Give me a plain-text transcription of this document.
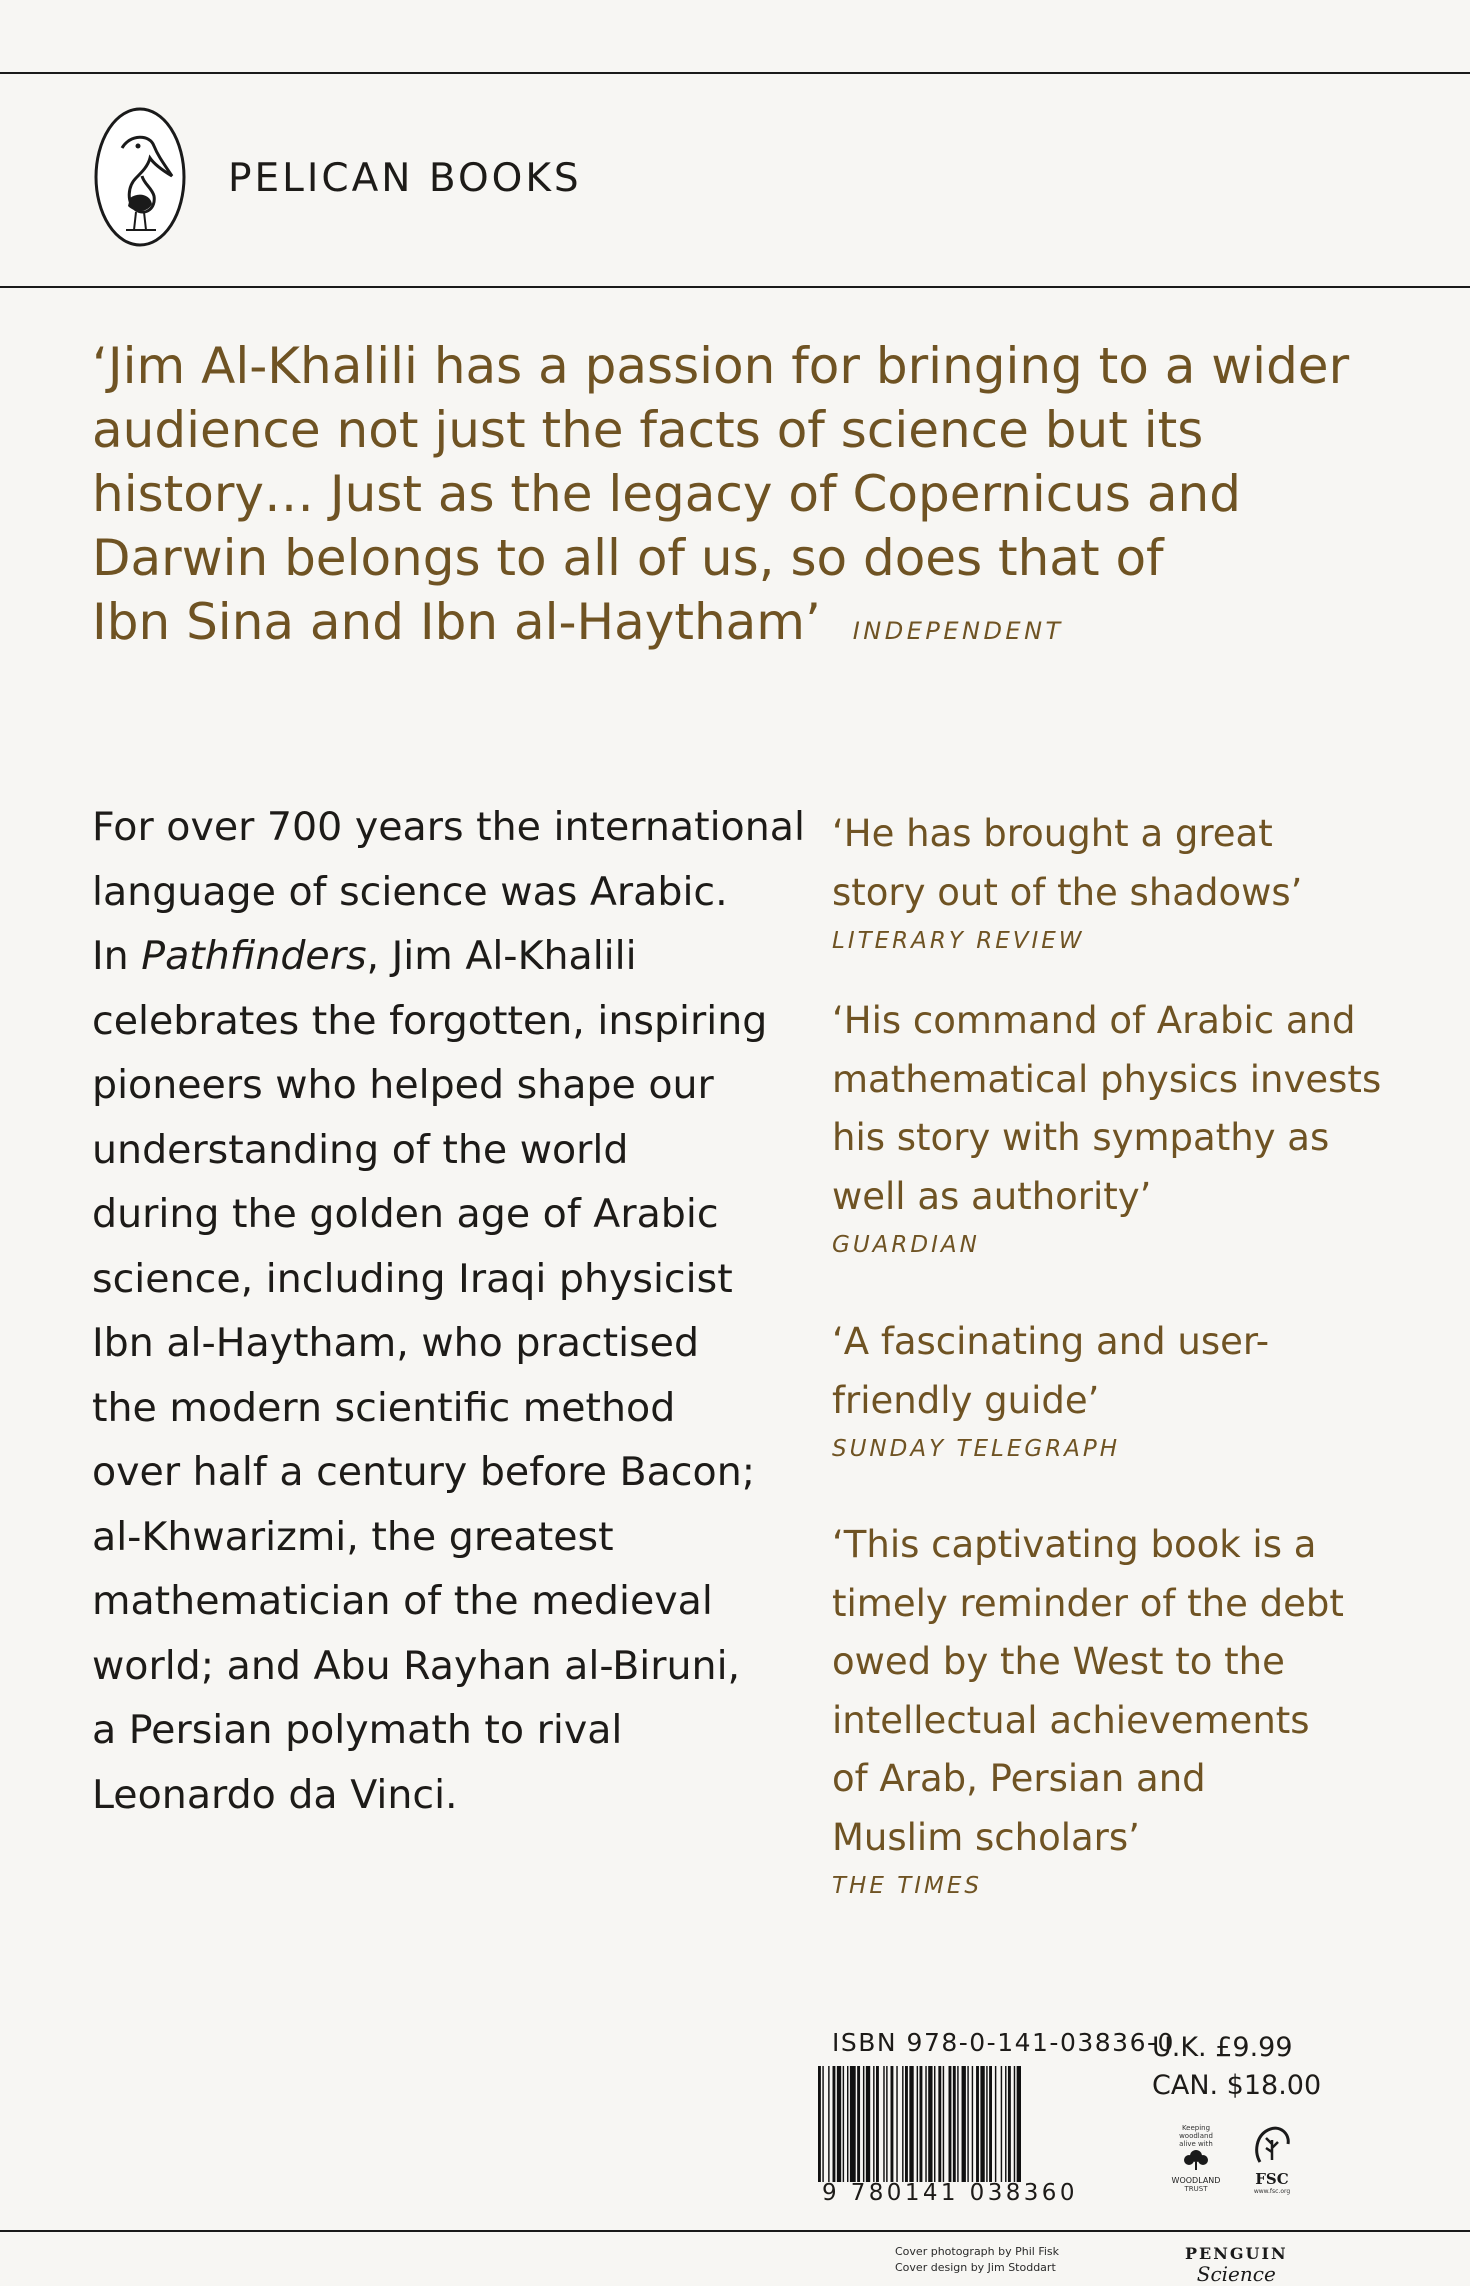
PELICAN BOOKS
‘Jim Al-Khalili has a passion for bringing to a wider
audience not just the facts of science but its
history… Just as the legacy of Copernicus and
Darwin belongs to all of us, so does that of
Ibn Sina and Ibn al-Haytham’ INDEPENDENT
For over 700 years the international
language of science was Arabic.
In Pathfinders, Jim Al-Khalili
celebrates the forgotten, inspiring
pioneers who helped shape our
understanding of the world
during the golden age of Arabic
science, including Iraqi physicist
Ibn al-Haytham, who practised
the modern scientific method
over half a century before Bacon;
al-Khwarizmi, the greatest
mathematician of the medieval
world; and Abu Rayhan al-Biruni,
a Persian polymath to rival
Leonardo da Vinci.
‘He has brought a great
story out of the shadows’
LITERARY REVIEW
‘His command of Arabic and
mathematical physics invests
his story with sympathy as
well as authority’
GUARDIAN
‘A fascinating and user-
friendly guide’
SUNDAY TELEGRAPH
‘This captivating book is a
timely reminder of the debt
owed by the West to the
intellectual achievements
of Arab, Persian and
Muslim scholars’
THE TIMES
ISBN 978-0-141-03836-0
9 780141 038360
U.K. £9.99
CAN. $18.00
Keeping
woodland
alive with
WOODLAND
TRUST
FSC
www.fsc.org
Cover photograph by Phil Fisk
Cover design by Jim Stoddart
PENGUIN
Science
